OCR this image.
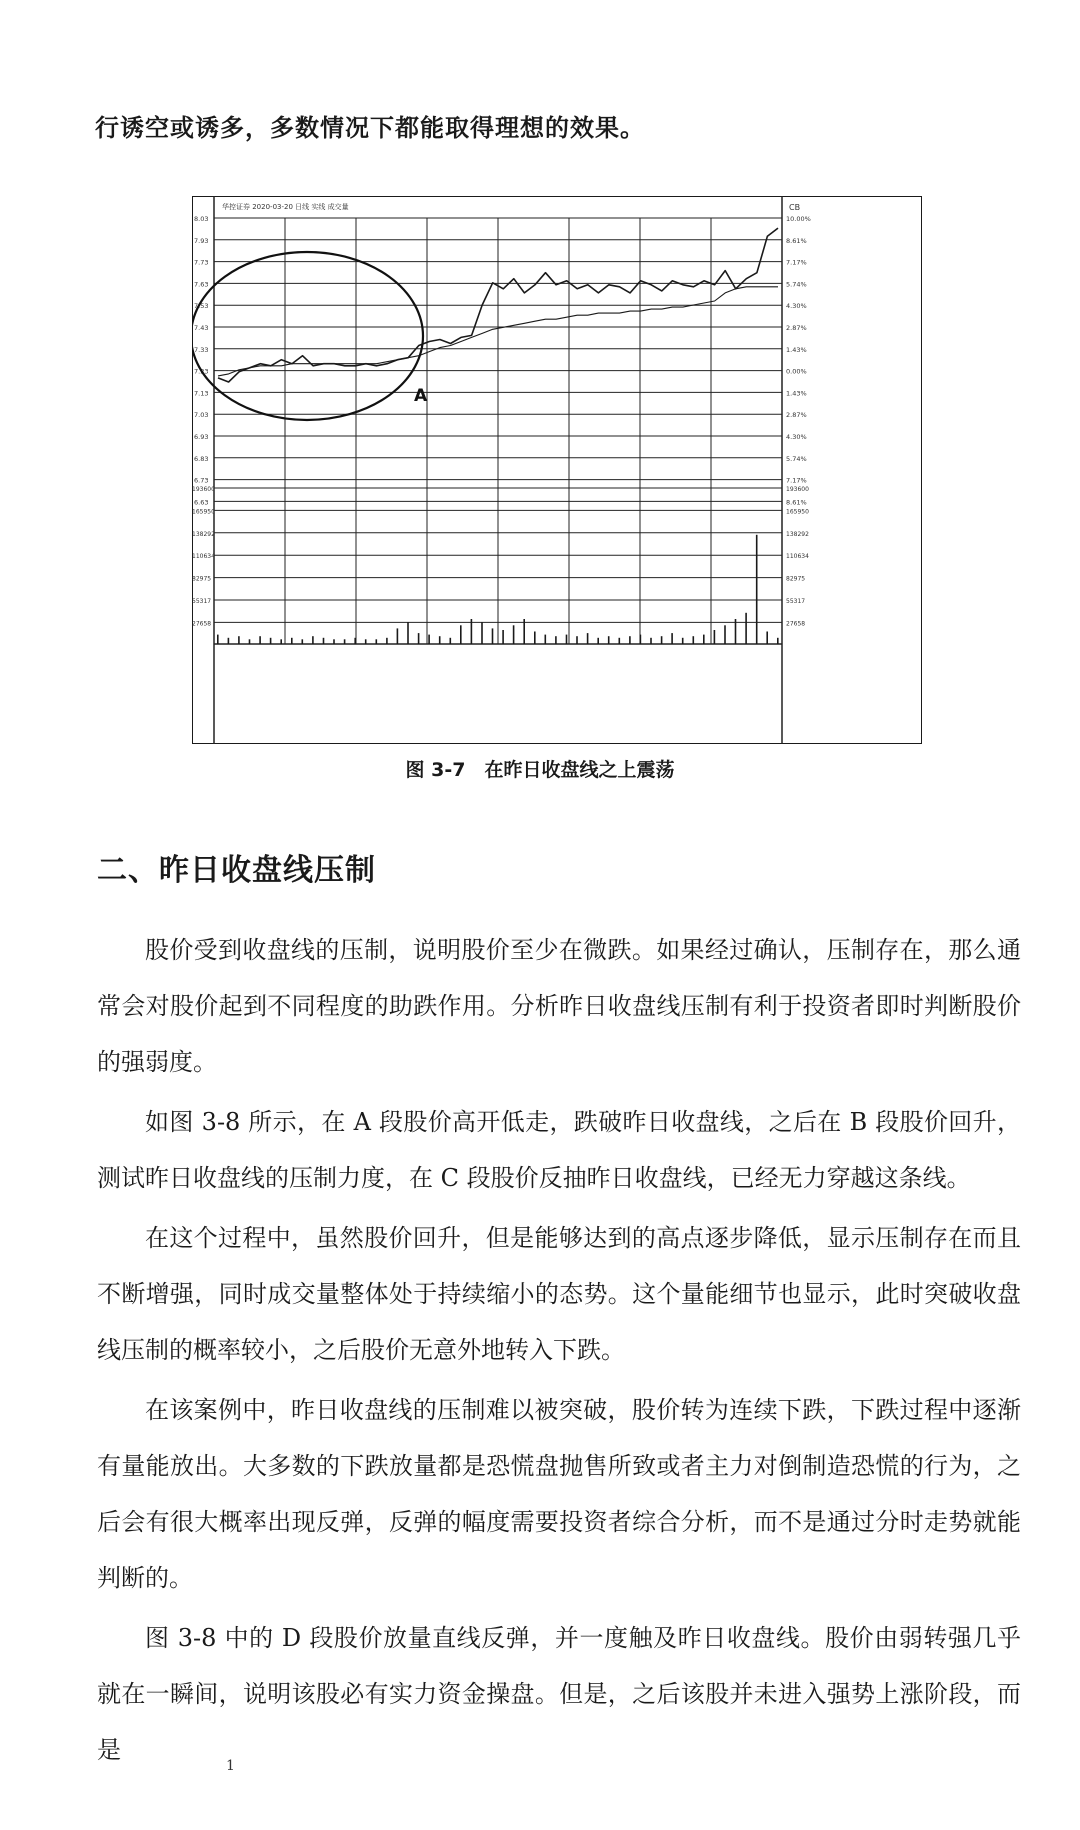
行诱空或诱多，多数情况下都能取得理想的效果。
8.03	10.00%
7.93	8.61%
7.73	7.17%
7.63	5.74%
7.53	4.30%
7.43	2.87%
7.33	1.43%
7.23	0.00%
7.13	1.43%
7.03	2.87%
6.93	4.30%
6.83	5.74%
6.73	7.17%
6.63	8.61%
193600	193600
165950	165950
138292	138292
110634	110634
82975	82975
55317	55317
27658	27658
华控证券 2020-03-20 日线 实线 成交量	CB
A
图 3-7　在昨日收盘线之上震荡
二、昨日收盘线压制

股价受到收盘线的压制，说明股价至少在微跌。如果经过确认，压制存在，那么通常会对股价起到不同程度的助跌作用。分析昨日收盘线压制有利于投资者即时判断股价的强弱度。

如图 3-8 所示，在 A 段股价高开低走，跌破昨日收盘线，之后在 B 段股价回升，测试昨日收盘线的压制力度，在 C 段股价反抽昨日收盘线，已经无力穿越这条线。

在这个过程中，虽然股价回升，但是能够达到的高点逐步降低，显示压制存在而且不断增强，同时成交量整体处于持续缩小的态势。这个量能细节也显示，此时突破收盘线压制的概率较小，之后股价无意外地转入下跌。

在该案例中，昨日收盘线的压制难以被突破，股价转为连续下跌，下跌过程中逐渐有量能放出。大多数的下跌放量都是恐慌盘抛售所致或者主力对倒制造恐慌的行为，之后会有很大概率出现反弹，反弹的幅度需要投资者综合分析，而不是通过分时走势就能判断的。

图 3-8 中的 D 段股价放量直线反弹，并一度触及昨日收盘线。股价由弱转强几乎就在一瞬间，说明该股必有实力资金操盘。但是，之后该股并未进入强势上涨阶段，而是

1
